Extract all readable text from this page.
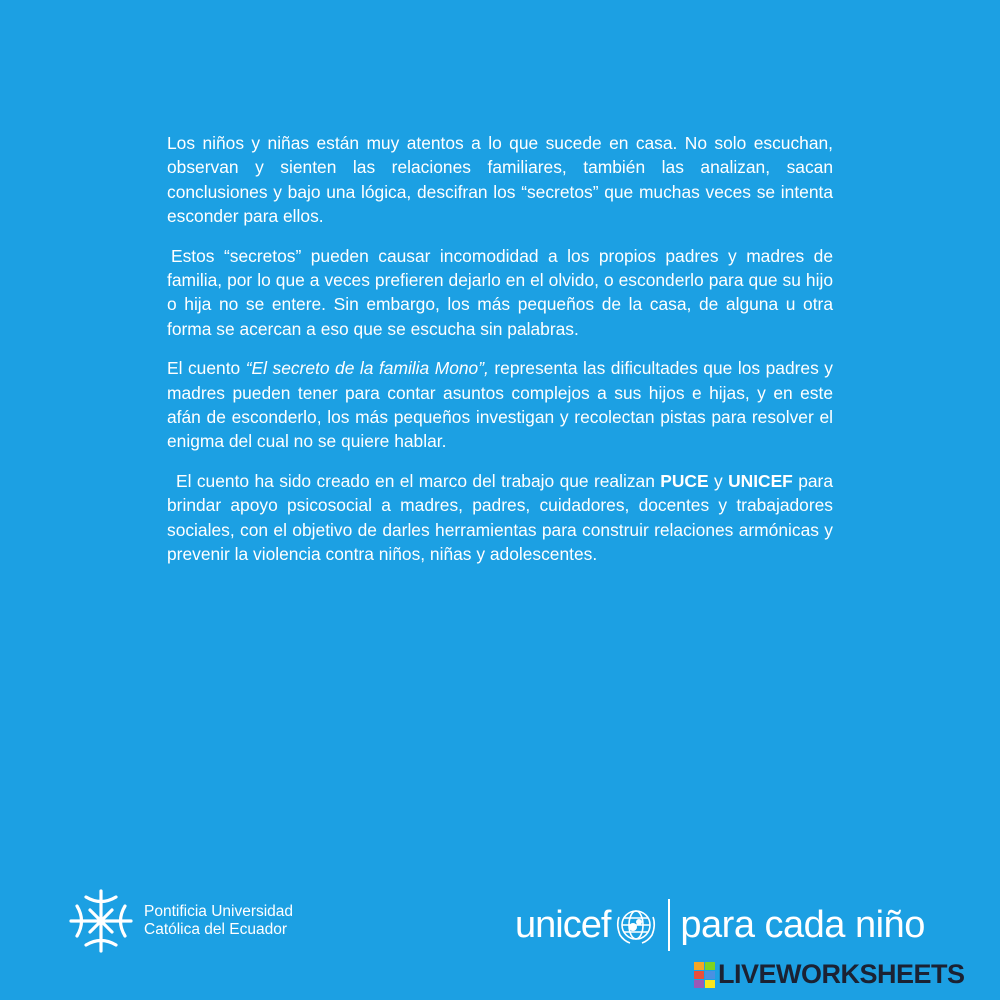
Los niños y niñas están muy atentos a lo que sucede en casa. No solo escuchan, observan y sienten las relaciones familiares, también las analizan, sacan conclusiones y bajo una lógica, descifran los “secretos” que muchas veces se intenta esconder para ellos.

Estos “secretos” pueden causar incomodidad a los propios padres y madres de familia, por lo que a veces prefieren dejarlo en el olvido, o esconderlo para que su hijo o hija no se entere. Sin embargo, los más pequeños de la casa, de alguna u otra forma se acercan a eso que se escucha sin palabras.

El cuento “El secreto de la familia Mono”, representa las dificultades que los padres y madres pueden tener para contar asuntos complejos a sus hijos e hijas, y en este afán de esconderlo, los más pequeños investigan y recolectan pistas para resolver el enigma del cual no se quiere hablar.

El cuento ha sido creado en el marco del trabajo que realizan PUCE y UNICEF para brindar apoyo psicosocial a madres, padres, cuidadores, docentes y trabajadores sociales, con el objetivo de darles herramientas para construir relaciones armónicas y prevenir la violencia contra niños, niñas y adolescentes.

Pontificia Universidad
Católica del Ecuador	unicef para cada niño
LIVEWORKSHEETS
